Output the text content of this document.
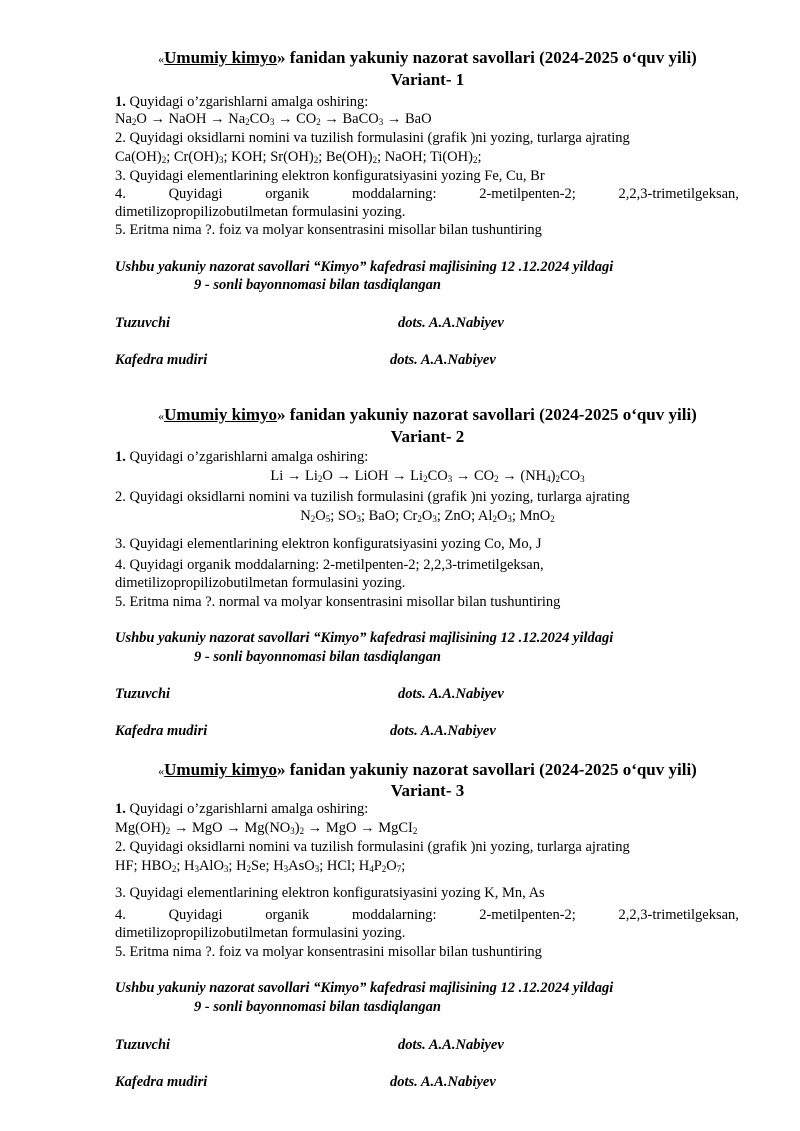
«Umumiy kimyo» fanidan yakuniy nazorat savollari (2024-2025 o‘quv yili)
Variant- 1
1. Quyidagi o’zgarishlarni amalga oshiring:
$Na_2O$ → NaOH → $Na_2CO_3 \to CO_2$ → BaCO$_3$ → BaO
2. Quyidagi oksidlarni nomini va tuzilish formulasini (grafik )ni yozing, turlarga ajrating
$Ca(OH)_2$; $Cr(OH)_3$; KOH; $Sr(OH)_2$; $Be(OH)_2$; NaOH; $Ti(OH)_2$;
3. Quyidagi elementlarining elektron konfiguratsiyasini yozing Fe, Cu, Br
4.	Quyidagi	organik	moddalarning:	2-metilpenten-2;	2,2,3-trimetilgeksan,
dimetilizopropilizobutilmetan formulasini yozing.
5. Eritma nima ?. foiz va molyar konsentrasini misollar bilan tushuntiring
Ushbu yakuniy nazorat savollari “Kimyo” kafedrasi majlisining 12 .12.2024 yildagi
9 - sonli bayonnomasi bilan tasdiqlangan
Tuzuvchi	dots. A.A.Nabiyev
Kafedra mudiri	dots. A.A.Nabiyev
«Umumiy kimyo» fanidan yakuniy nazorat savollari (2024-2025 o‘quv yili)
Variant- 2
1. Quyidagi o’zgarishlarni amalga oshiring:
$Li \to Li_2O$ → LiOH → $Li_2CO_3 \to CO_2 \to (NH_4)_2CO_3$
2. Quyidagi oksidlarni nomini va tuzilish formulasini (grafik )ni yozing, turlarga ajrating
$N_2O_5$; $SO_3$; BaO; $Cr_2O_3$; ZnO; $Al_2O_3$; MnO$_2$
3. Quyidagi elementlarining elektron konfiguratsiyasini yozing Co, Mo, J
4. Quyidagi organik moddalarning: 2-metilpenten-2; 2,2,3-trimetilgeksan,
dimetilizopropilizobutilmetan formulasini yozing.
5. Eritma nima ?. normal va molyar konsentrasini misollar bilan tushuntiring
Ushbu yakuniy nazorat savollari “Kimyo” kafedrasi majlisining 12 .12.2024 yildagi
9 - sonli bayonnomasi bilan tasdiqlangan
Tuzuvchi	dots. A.A.Nabiyev
Kafedra mudiri	dots. A.A.Nabiyev
«Umumiy kimyo» fanidan yakuniy nazorat savollari (2024-2025 o‘quv yili)
Variant- 3
1. Quyidagi o’zgarishlarni amalga oshiring:
$Mg(OH)_2$ → MgO → $Mg(NO_3)_2$ → MgO → MgCI$_2$
2. Quyidagi oksidlarni nomini va tuzilish formulasini (grafik )ni yozing, turlarga ajrating
HF; $HBO_2$; $H_3AlO_3$; $H_2Se$; $H_3AsO_3$; HCl; $H_4P_2O_7$;
3. Quyidagi elementlarining elektron konfiguratsiyasini yozing K, Mn, As
4.	Quyidagi	organik	moddalarning:	2-metilpenten-2;	2,2,3-trimetilgeksan,
dimetilizopropilizobutilmetan formulasini yozing.
5. Eritma nima ?. foiz va molyar konsentrasini misollar bilan tushuntiring
Ushbu yakuniy nazorat savollari “Kimyo” kafedrasi majlisining 12 .12.2024 yildagi
9 - sonli bayonnomasi bilan tasdiqlangan
Tuzuvchi	dots. A.A.Nabiyev
Kafedra mudiri	dots. A.A.Nabiyev
